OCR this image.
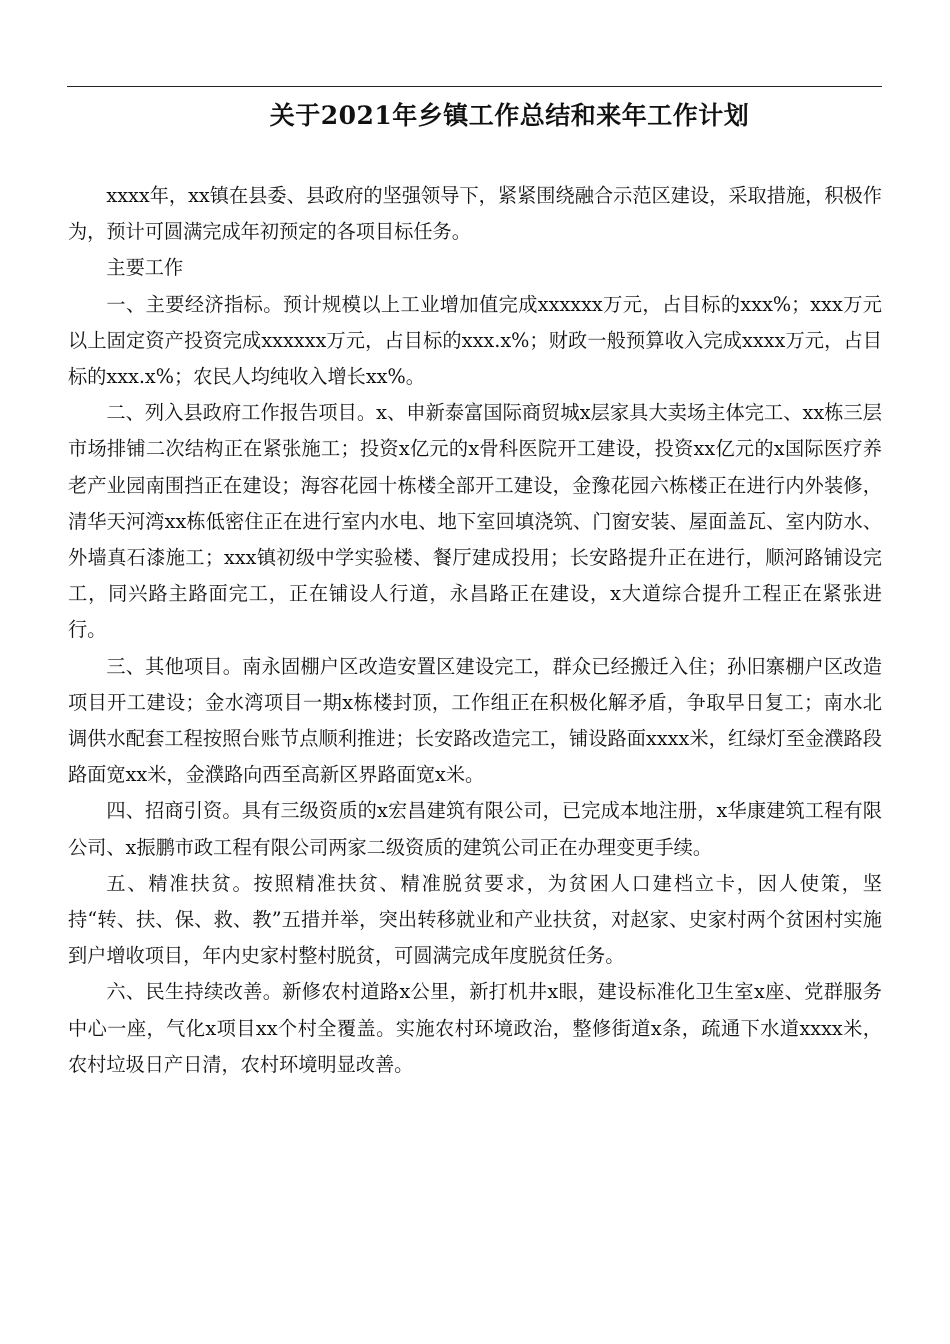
关于2021年乡镇工作总结和来年工作计划

xxxx年，xx镇在县委、县政府的坚强领导下，紧紧围绕融合示范区建设，采取措施，积极作为，预计可圆满完成年初预定的各项目标任务。

主要工作

一、主要经济指标。预计规模以上工业增加值完成xxxxxx万元，占目标的xxx%；xxx万元以上固定资产投资完成xxxxxx万元，占目标的xxx.x%；财政一般预算收入完成xxxx万元，占目标的xxx.x%；农民人均纯收入增长xx%。

二、列入县政府工作报告项目。x、申新泰富国际商贸城x层家具大卖场主体完工、xx栋三层市场排铺二次结构正在紧张施工；投资x亿元的x骨科医院开工建设，投资xx亿元的x国际医疗养老产业园南围挡正在建设；海容花园十栋楼全部开工建设，金豫花园六栋楼正在进行内外装修，清华天河湾xx栋低密住正在进行室内水电、地下室回填浇筑、门窗安装、屋面盖瓦、室内防水、外墙真石漆施工；xxx镇初级中学实验楼、餐厅建成投用；长安路提升正在进行，顺河路铺设完工，同兴路主路面完工，正在铺设人行道，永昌路正在建设，x大道综合提升工程正在紧张进行。

三、其他项目。南永固棚户区改造安置区建设完工，群众已经搬迁入住；孙旧寨棚户区改造项目开工建设；金水湾项目一期x栋楼封顶，工作组正在积极化解矛盾，争取早日复工；南水北调供水配套工程按照台账节点顺利推进；长安路改造完工，铺设路面xxxx米，红绿灯至金濮路段路面宽xx米，金濮路向西至高新区界路面宽x米。

四、招商引资。具有三级资质的x宏昌建筑有限公司，已完成本地注册，x华康建筑工程有限公司、x振鹏市政工程有限公司两家二级资质的建筑公司正在办理变更手续。

五、精准扶贫。按照精准扶贫、精准脱贫要求，为贫困人口建档立卡，因人使策，坚持“转、扶、保、救、教”五措并举，突出转移就业和产业扶贫，对赵家、史家村两个贫困村实施到户增收项目，年内史家村整村脱贫，可圆满完成年度脱贫任务。

六、民生持续改善。新修农村道路x公里，新打机井x眼，建设标准化卫生室x座、党群服务中心一座，气化x项目xx个村全覆盖。实施农村环境政治，整修街道x条，疏通下水道xxxx米，农村垃圾日产日清，农村环境明显改善。
